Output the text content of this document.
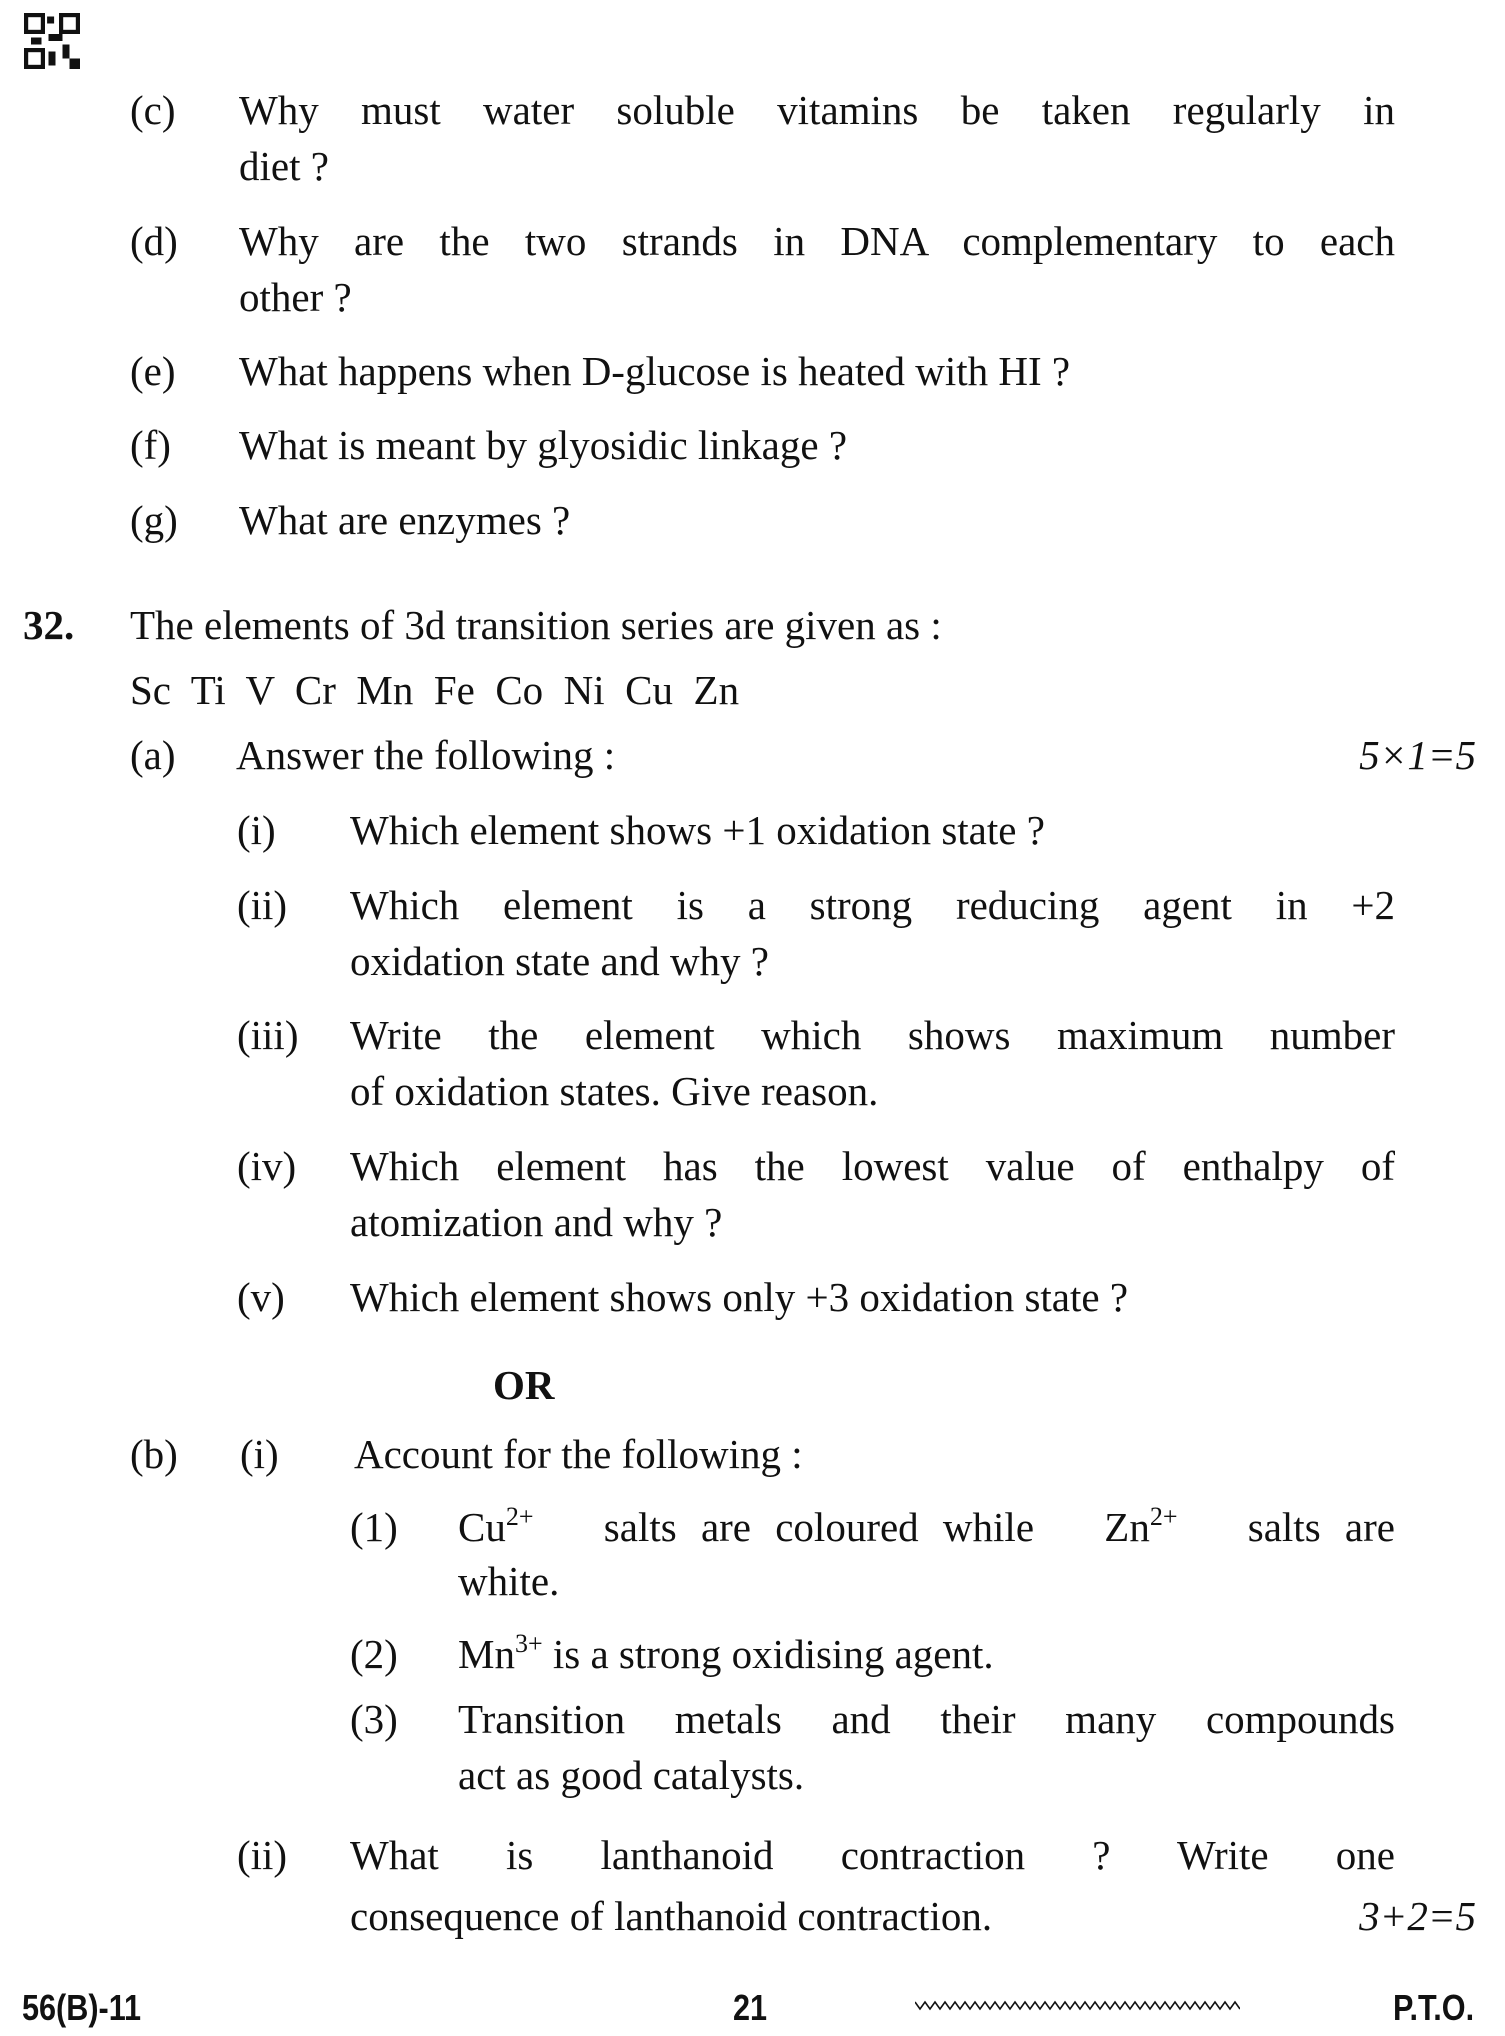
(c) Why must water soluble vitamins be taken regularly in
diet ?
(d) Why are the two strands in DNA complementary to each
other ?
(e) What happens when D-glucose is heated with HI ?
(f) What is meant by glyosidic linkage ?
(g) What are enzymes ?
32. The elements of 3d transition series are given as :
Sc  Ti  V  Cr  Mn  Fe  Co  Ni  Cu  Zn
(a) Answer the following :	5×1=5
(i) Which element shows +1 oxidation state ?
(ii) Which element is a strong reducing agent in +2
oxidation state and why ?
(iii) Write the element which shows maximum number
of oxidation states. Give reason.
(iv) Which element has the lowest value of enthalpy of
atomization and why ?
(v) Which element shows only +3 oxidation state ?
OR
(b) (i) Account for the following :
(1) $Cu^{2+}$ salts are coloured while $Zn^{2+}$ salts are
white.
(2) $Mn^{3+}$ is a strong oxidising agent.
(3) Transition metals and their many compounds
act as good catalysts.
(ii) What is lanthanoid contraction ? Write one
consequence of lanthanoid contraction.	3+2=5
56(B)-11	21	P.T.O.
